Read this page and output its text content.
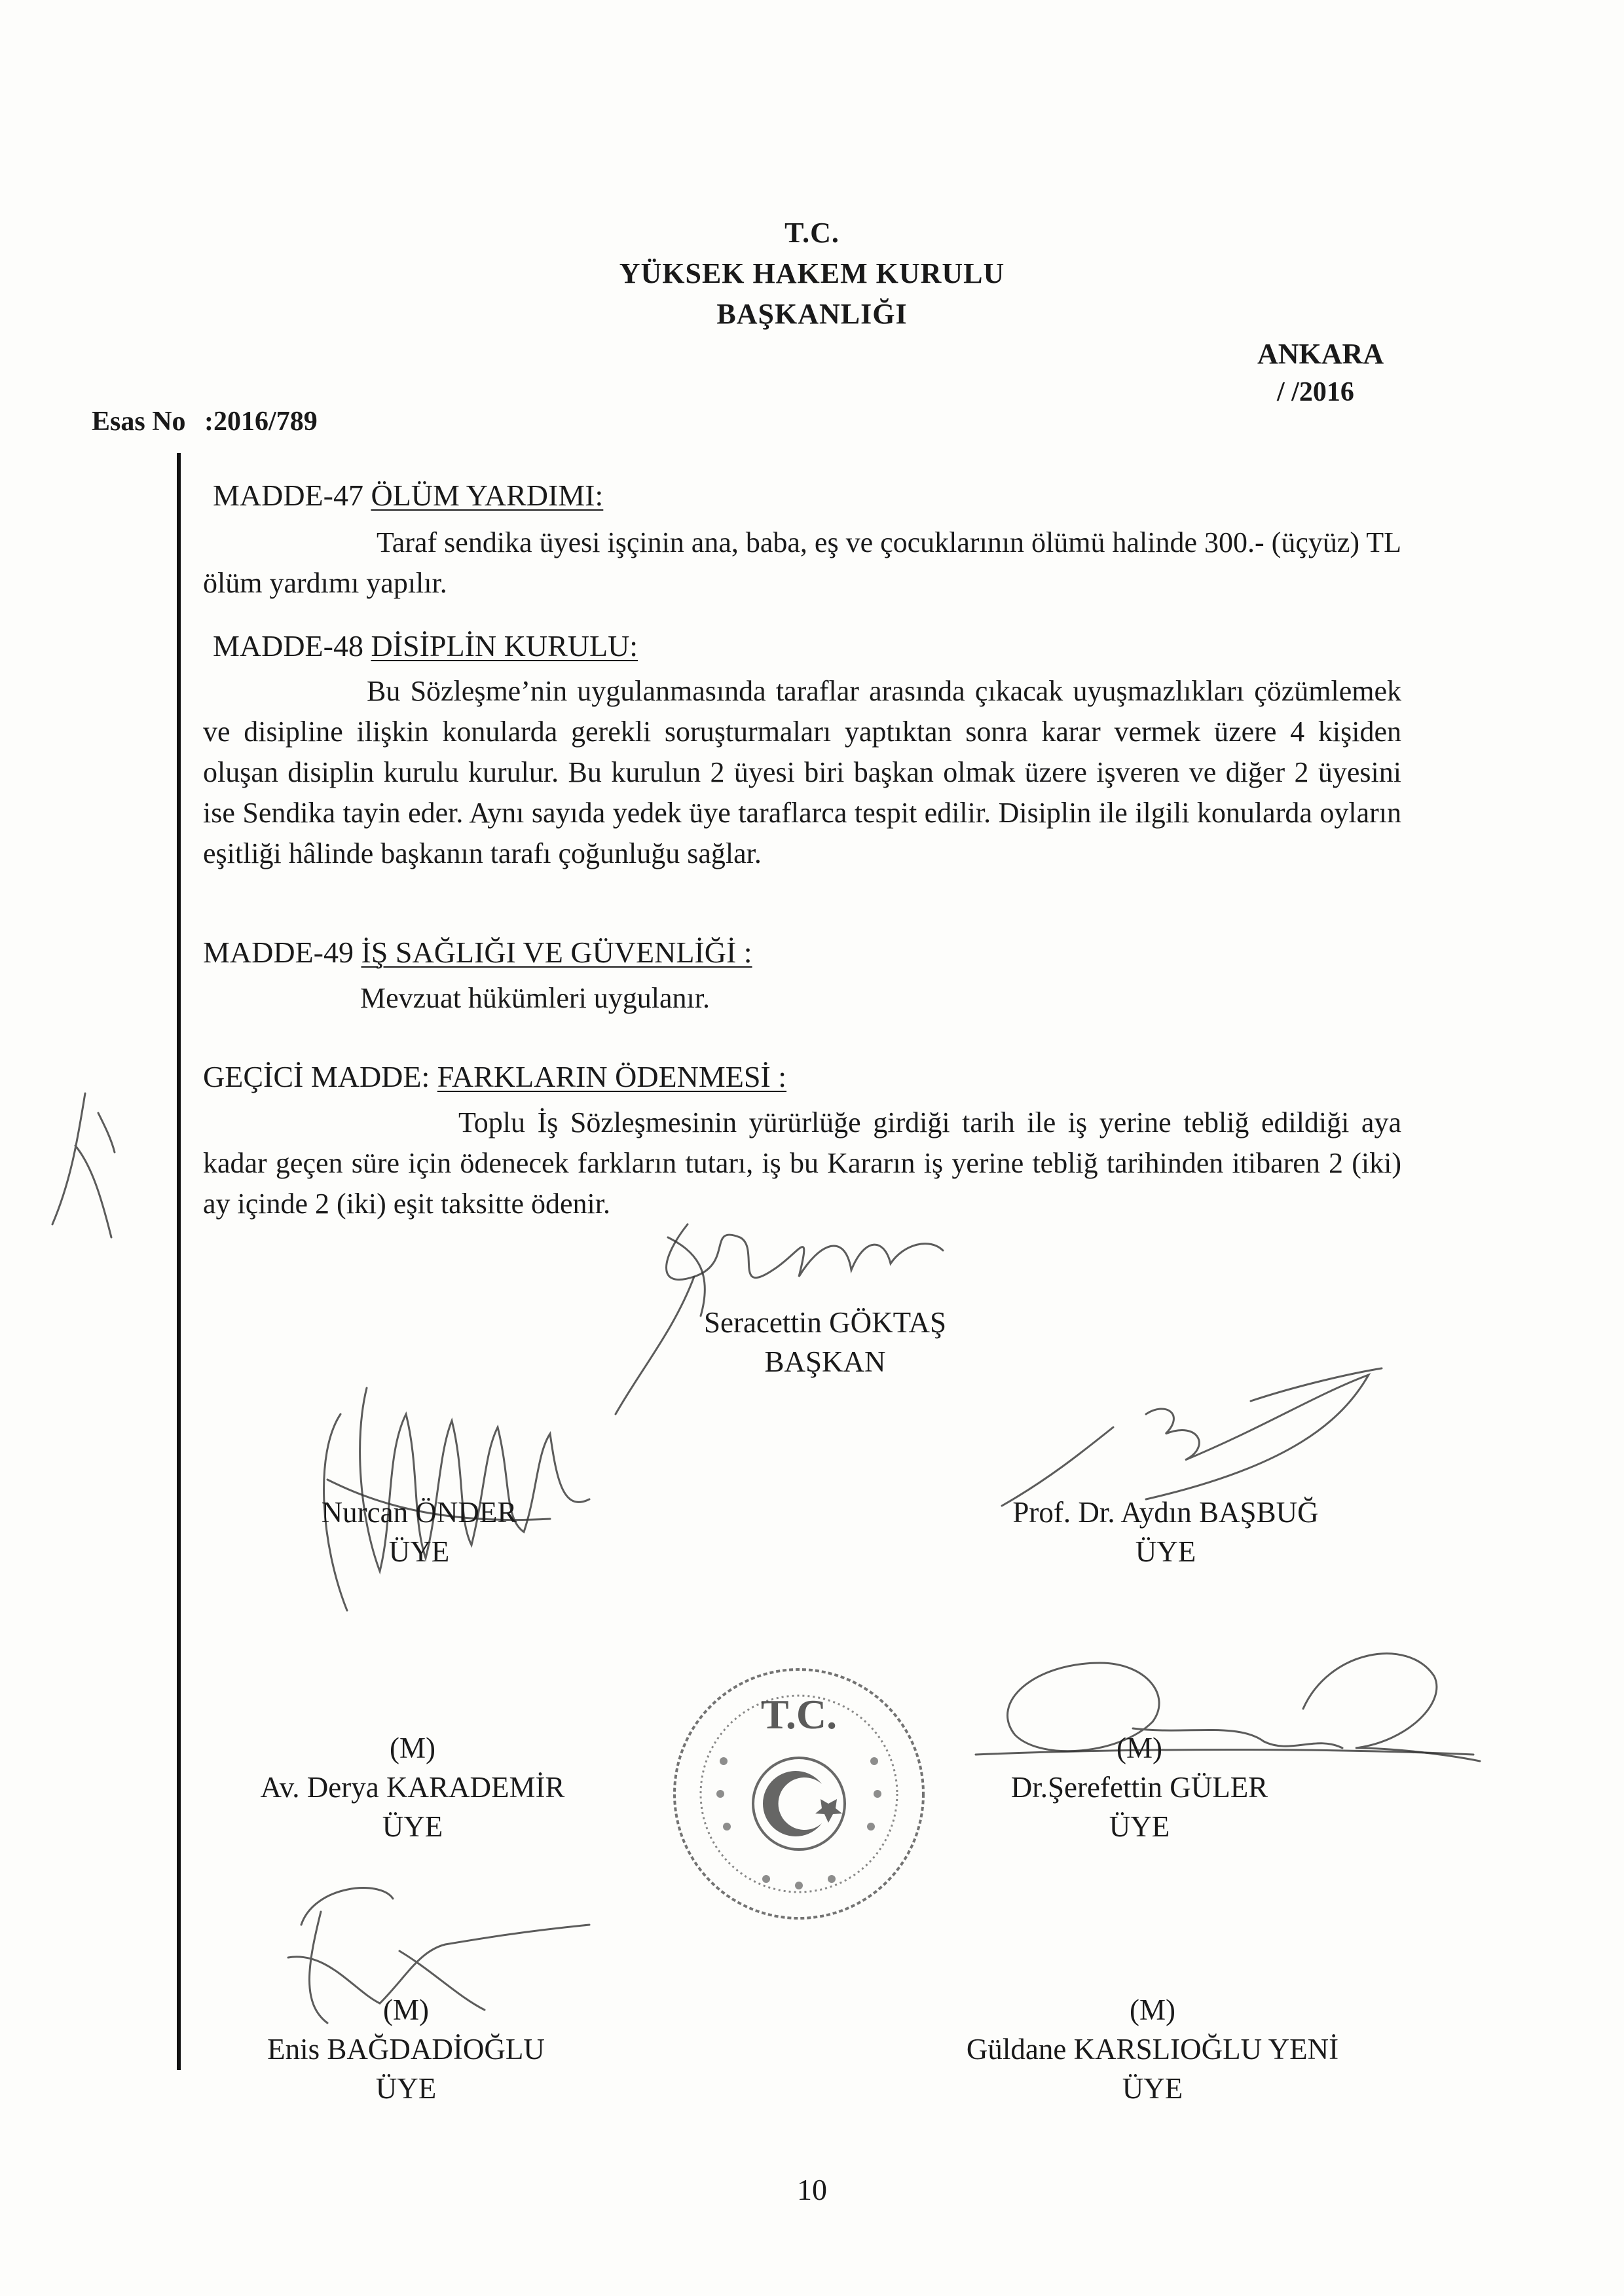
T.C.
YÜKSEK HAKEM KURULU
BAŞKANLIĞI
ANKARA
/ /2016
Esas No :2016/789
MADDE-47 ÖLÜM YARDIMI:
Taraf sendika üyesi işçinin ana, baba, eş ve çocuklarının ölümü halinde 300.- (üçyüz) TL ölüm yardımı yapılır.
MADDE-48 DİSİPLİN KURULU:
Bu Sözleşme’nin uygulanmasında taraflar arasında çıkacak uyuşmazlıkları çözümlemek ve disipline ilişkin konularda gerekli soruşturmaları yaptıktan sonra karar vermek üzere 4 kişiden oluşan disiplin kurulu kurulur. Bu kurulun 2 üyesi biri başkan olmak üzere işveren ve diğer 2 üyesini ise Sendika tayin eder. Aynı sayıda yedek üye taraflarca tespit edilir. Disiplin ile ilgili konularda oyların eşitliği hâlinde başkanın tarafı çoğunluğu sağlar.
MADDE-49 İŞ SAĞLIĞI VE GÜVENLİĞİ :
Mevzuat hükümleri uygulanır.
GEÇİCİ MADDE: FARKLARIN ÖDENMESİ :
Toplu İş Sözleşmesinin yürürlüğe girdiği tarih ile iş yerine tebliğ edildiği aya kadar geçen süre için ödenecek farkların tutarı, iş bu Kararın iş yerine tebliğ tarihinden itibaren 2 (iki) ay içinde 2 (iki) eşit taksitte ödenir.
Seracettin GÖKTAŞ
BAŞKAN
Nurcan ÖNDER
ÜYE
Prof. Dr. Aydın BAŞBUĞ
ÜYE
T.C.
(M)
Av. Derya KARADEMİR
ÜYE
(M)
Dr.Şerefettin GÜLER
ÜYE
(M)
Enis BAĞDADİOĞLU
ÜYE
(M)
Güldane KARSLIOĞLU YENİ
ÜYE
10
